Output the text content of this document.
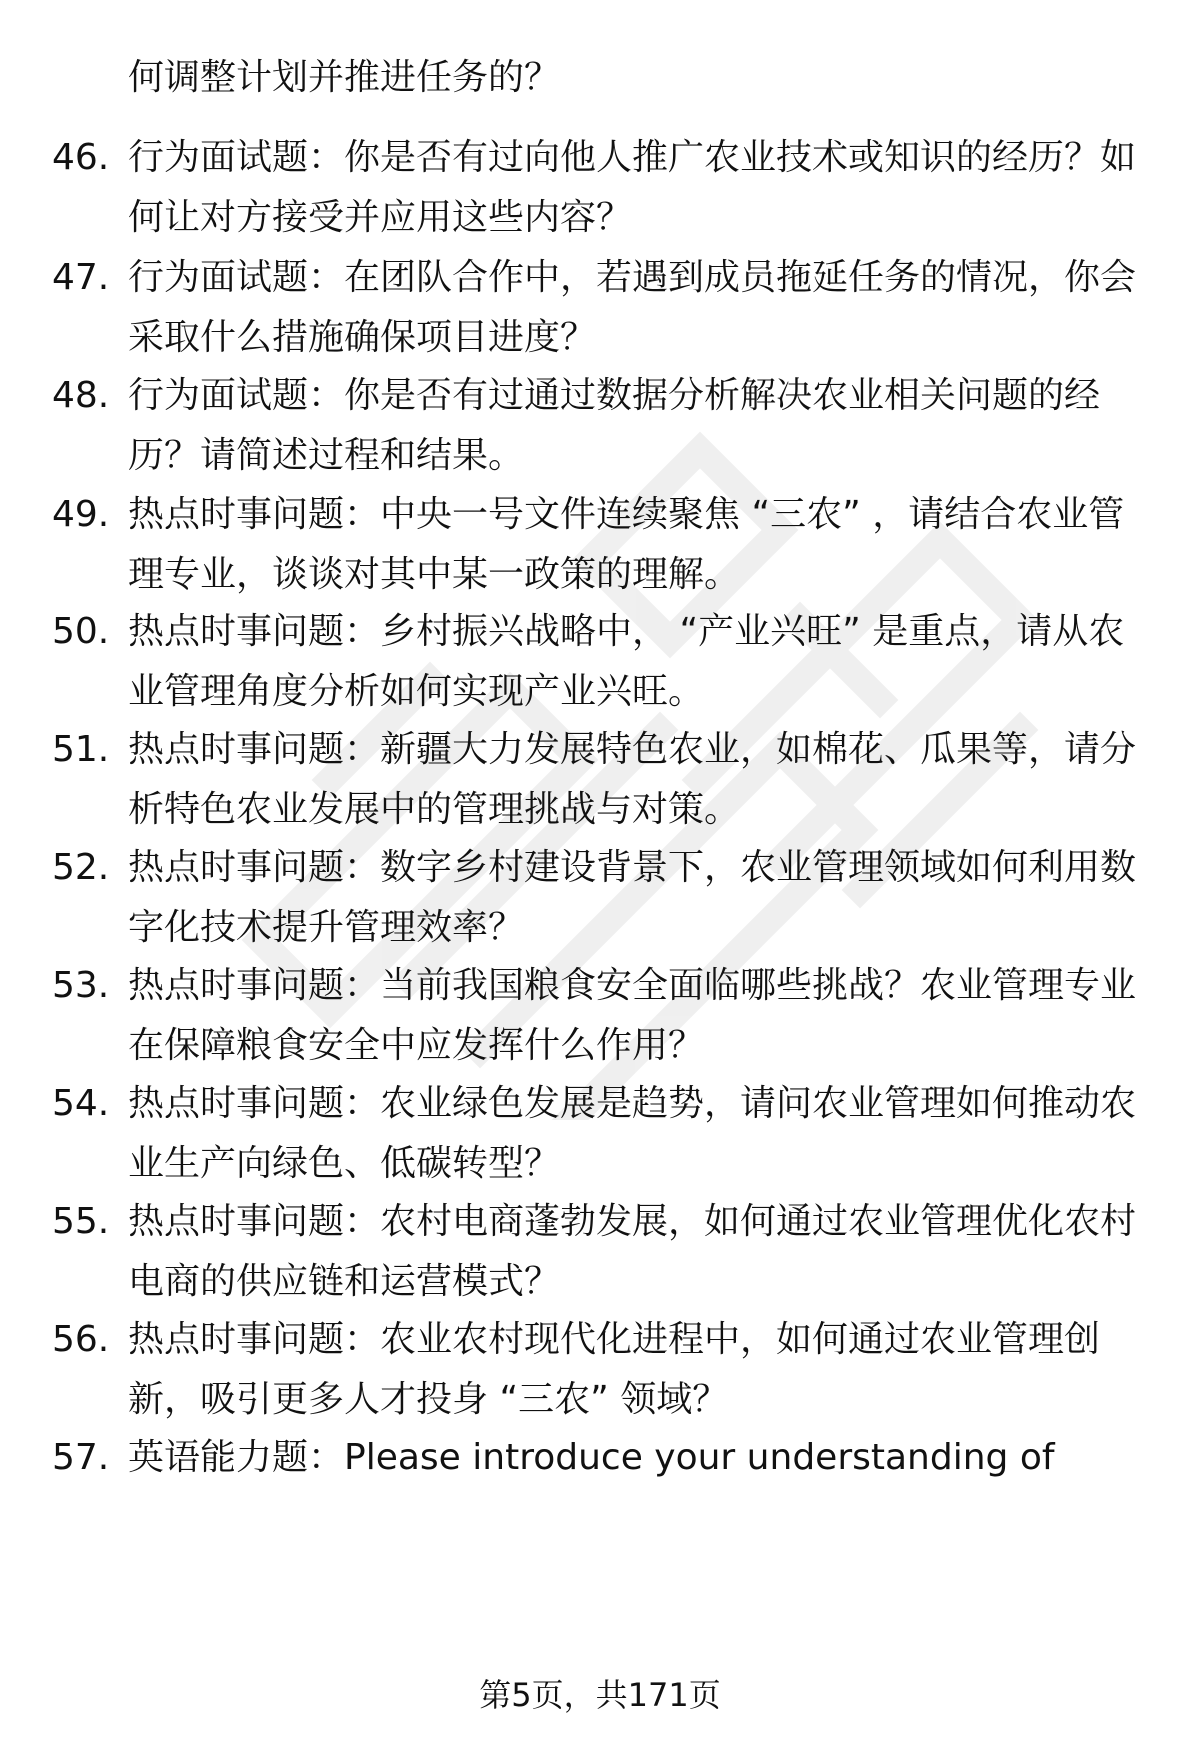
何调整计划并推进任务的？
46. 行为面试题：你是否有过向他人推广农业技术或知识的经历？如
何让对方接受并应用这些内容？
47. 行为面试题：在团队合作中，若遇到成员拖延任务的情况，你会
采取什么措施确保项目进度？
48. 行为面试题：你是否有过通过数据分析解决农业相关问题的经
历？请简述过程和结果。
49. 热点时事问题：中央一号文件连续聚焦 “三农” ，请结合农业管
理专业，谈谈对其中某一政策的理解。
50. 热点时事问题：乡村振兴战略中， “产业兴旺” 是重点，请从农
业管理角度分析如何实现产业兴旺。
51. 热点时事问题：新疆大力发展特色农业，如棉花、瓜果等，请分
析特色农业发展中的管理挑战与对策。
52. 热点时事问题：数字乡村建设背景下，农业管理领域如何利用数
字化技术提升管理效率？
53. 热点时事问题：当前我国粮食安全面临哪些挑战？农业管理专业
在保障粮食安全中应发挥什么作用？
54. 热点时事问题：农业绿色发展是趋势，请问农业管理如何推动农
业生产向绿色、低碳转型？
55. 热点时事问题：农村电商蓬勃发展，如何通过农业管理优化农村
电商的供应链和运营模式？
56. 热点时事问题：农业农村现代化进程中，如何通过农业管理创
新，吸引更多人才投身 “三农” 领域？
57. 英语能力题：Please introduce your understanding of
第5页，共171页
